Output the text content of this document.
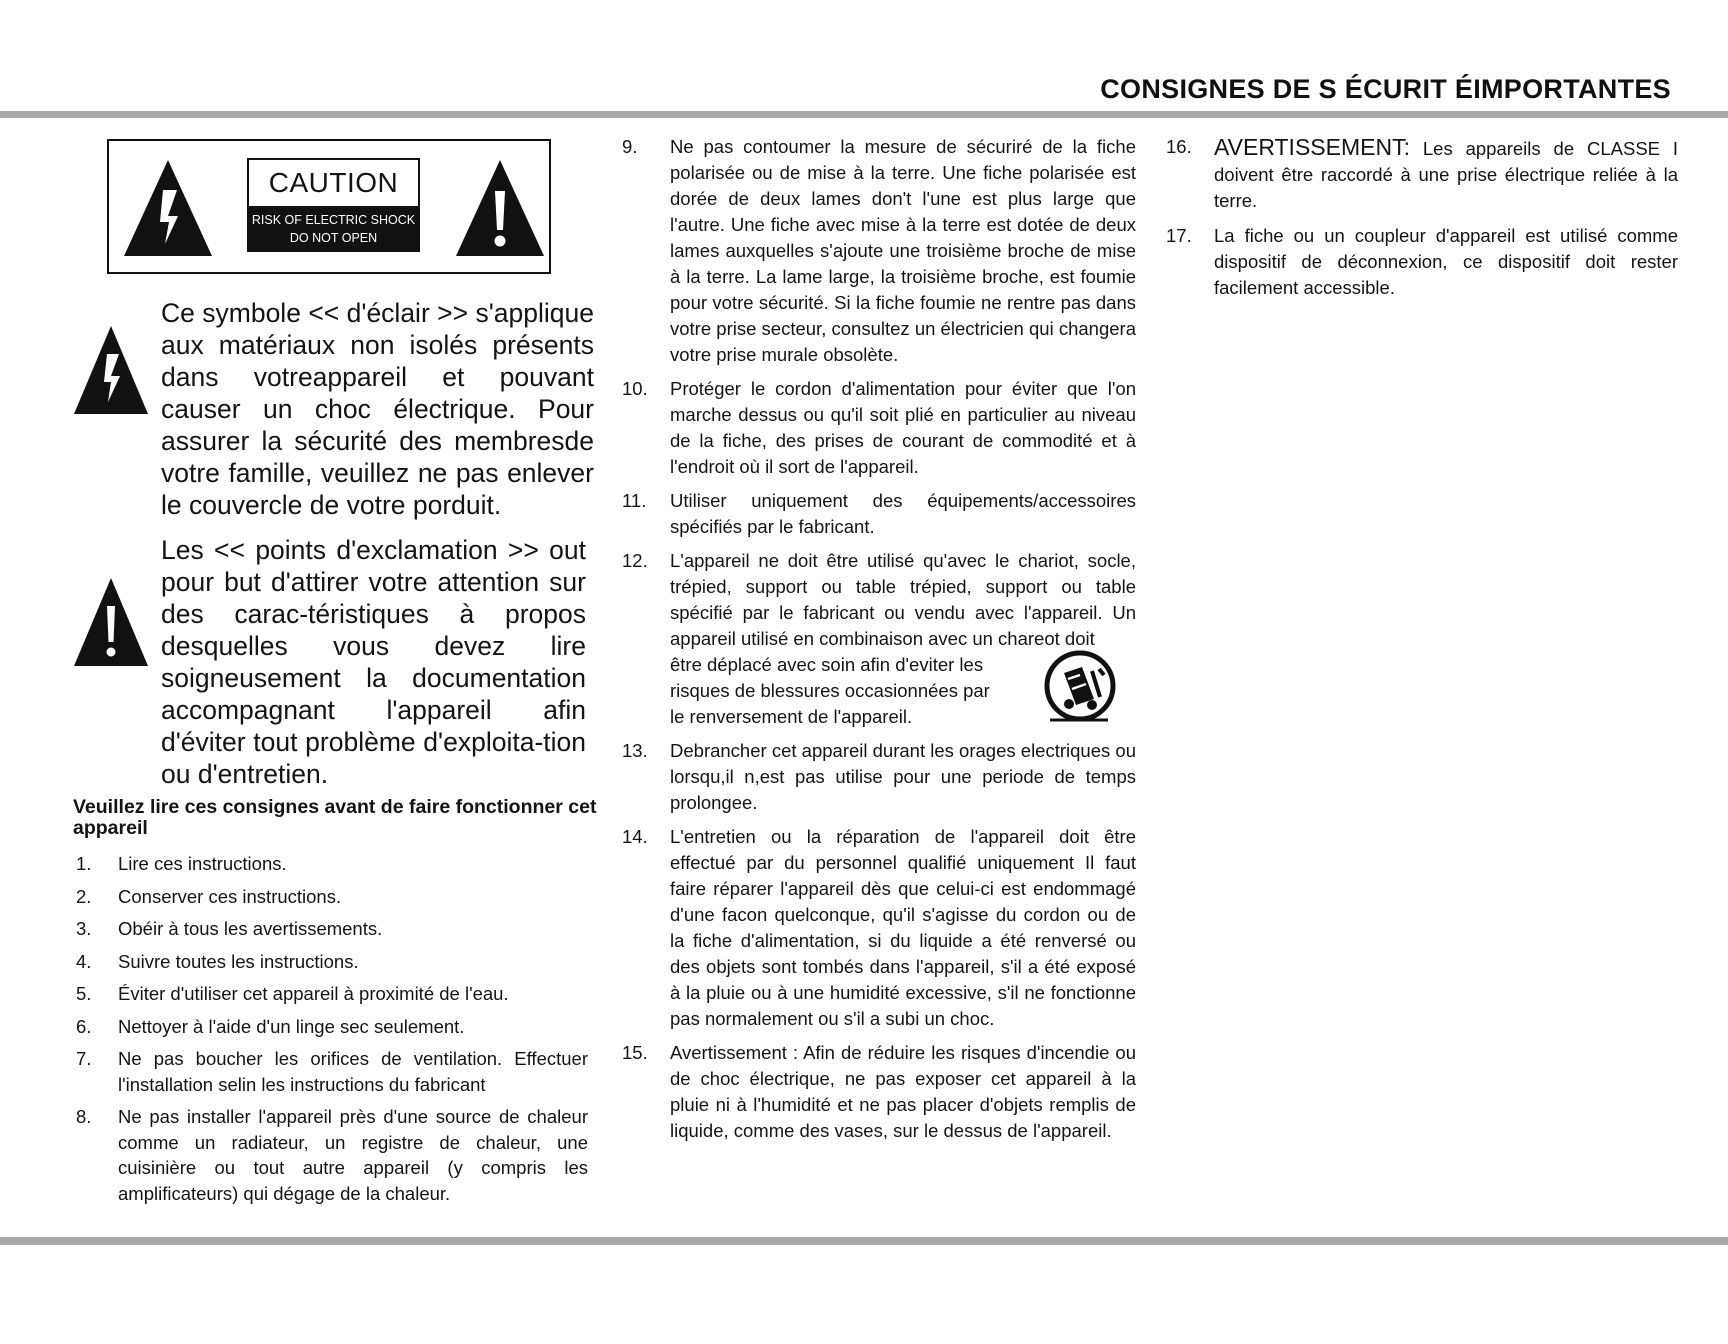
CONSIGNES DE S ÉCURIT ÉIMPORTANTES
CAUTION
RISK OF ELECTRIC SHOCK
DO NOT OPEN

Ce symbole << d'éclair >> s'applique aux matériaux non isolés présents dans votreappareil et pouvant causer un choc électrique. Pour assurer la sécurité des membresde votre famille, veuillez ne pas enlever le couvercle de votre porduit.

Les << points d'exclamation >> out pour but d'attirer votre attention sur des carac-téristiques à propos desquelles vous devez lire soigneusement la documentation accompagnant l'appareil afin d'éviter tout problème d'exploita-tion ou d'entretien.

Veuillez lire ces consignes avant de faire fonctionner cet appareil

1.	Lire ces instructions.
2.	Conserver ces instructions.
3.	Obéir à tous les avertissements.
4.	Suivre toutes les instructions.
5.	Éviter d'utiliser cet appareil à proximité de l'eau.
6.	Nettoyer à l'aide d'un linge sec seulement.
7.	Ne pas boucher les orifices de ventilation. Effectuer l'installation selin les instructions du fabricant
8.	Ne pas installer l'appareil près d'une source de chaleur comme un radiateur, un registre de chaleur, une cuisinière ou tout autre appareil (y compris les amplificateurs) qui dégage de la chaleur.
9.	Ne pas contoumer la mesure de sécuriré de la fiche polarisée ou de mise à la terre. Une fiche polarisée est dorée de deux lames don't l'une est plus large que l'autre. Une fiche avec mise à la terre est dotée de deux lames auxquelles s'ajoute une troisième broche de mise à la terre. La lame large, la troisième broche, est foumie pour votre sécurité. Si la fiche foumie ne rentre pas dans votre prise secteur, consultez un électricien qui changera votre prise murale obsolète.
10.	Protéger le cordon d'alimentation pour éviter que l'on marche dessus ou qu'il soit plié en particulier au niveau de la fiche, des prises de courant de commodité et à l'endroit où il sort de l'appareil.
11.	Utiliser uniquement des équipements/accessoires spécifiés par le fabricant.
12.	L'appareil ne doit être utilisé qu'avec le chariot, socle, trépied, support ou table trépied, support ou table spécifié par le fabricant ou vendu avec l'appareil. Un appareil utilisé en combinaison avec un chareot doit
être déplacé avec soin afin d'eviter les
risques de blessures occasionnées par
le renversement de l'appareil.
13.	Debrancher cet appareil durant les orages electriques ou lorsqu,il n,est pas utilise pour une periode de temps prolongee.
14.	L'entretien ou la réparation de l'appareil doit être effectué par du personnel qualifié uniquement Il faut faire réparer l'appareil dès que celui-ci est endommagé d'une facon quelconque, qu'il s'agisse du cordon ou de la fiche d'alimentation, si du liquide a été renversé ou des objets sont tombés dans l'appareil, s'il a été exposé à la pluie ou à une humidité excessive, s'il ne fonctionne pas normalement ou s'il a subi un choc.
15.	Avertissement : Afin de réduire les risques d'incendie ou de choc électrique, ne pas exposer cet appareil à la pluie ni à l'humidité et ne pas placer d'objets remplis de liquide, comme des vases, sur le dessus de l'appareil.
16. AVERTISSEMENT: Les appareils de CLASSE I doivent être raccordé à une prise électrique reliée à la terre.
17.	La fiche ou un coupleur d'appareil est utilisé comme dispositif de déconnexion, ce dispositif doit rester facilement accessible.
